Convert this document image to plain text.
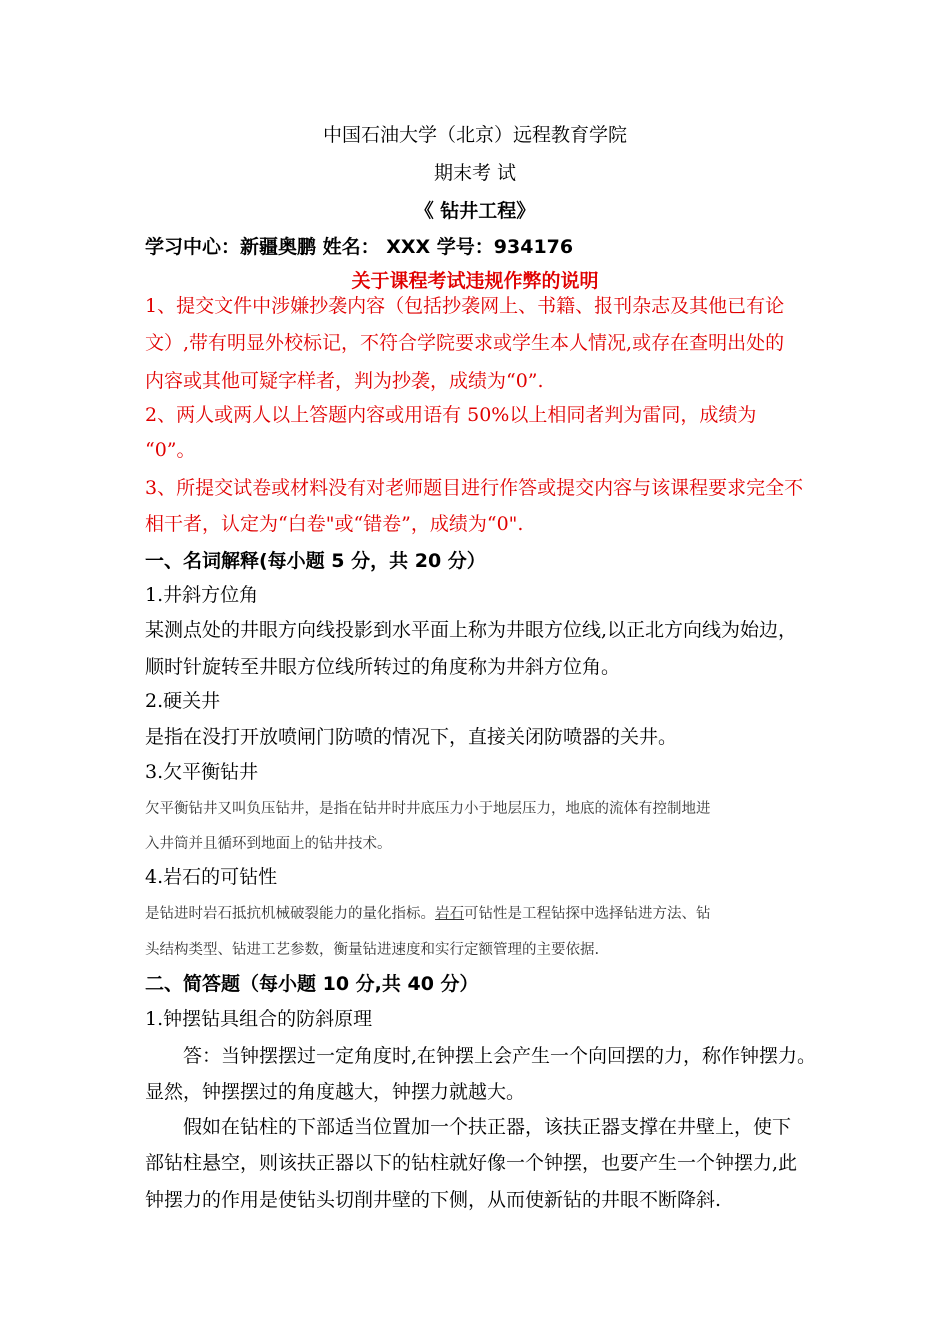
中国石油大学（北京）远程教育学院
期末考 试
《 钻井工程》
学习中心：新疆奥鹏 姓名： XXX 学号：934176
关于课程考试违规作弊的说明
1、提交文件中涉嫌抄袭内容（包括抄袭网上、书籍、报刊杂志及其他已有论
文）,带有明显外校标记，不符合学院要求或学生本人情况,或存在查明出处的
内容或其他可疑字样者，判为抄袭，成绩为“0”.
2、两人或两人以上答题内容或用语有 50%以上相同者判为雷同，成绩为
“0”。
3、所提交试卷或材料没有对老师题目进行作答或提交内容与该课程要求完全不
相干者，认定为“白卷"或“错卷”，成绩为“0".
一、名词解释(每小题 5 分，共 20 分）
1.井斜方位角
某测点处的井眼方向线投影到水平面上称为井眼方位线,以正北方向线为始边，
顺时针旋转至井眼方位线所转过的角度称为井斜方位角。
2.硬关井
是指在没打开放喷闸门防喷的情况下，直接关闭防喷器的关井。
3.欠平衡钻井
欠平衡钻井又叫负压钻井，是指在钻井时井底压力小于地层压力，地底的流体有控制地进
入井筒并且循环到地面上的钻井技术。
4.岩石的可钻性
是钻进时岩石抵抗机械破裂能力的量化指标。岩石可钻性是工程钻探中选择钻进方法、钻
头结构类型、钻进工艺参数，衡量钻进速度和实行定额管理的主要依据.
二、简答题（每小题 10 分,共 40 分）
1.钟摆钻具组合的防斜原理
答：当钟摆摆过一定角度时,在钟摆上会产生一个向回摆的力，称作钟摆力。
显然，钟摆摆过的角度越大，钟摆力就越大。
假如在钻柱的下部适当位置加一个扶正器，该扶正器支撑在井壁上，使下
部钻柱悬空，则该扶正器以下的钻柱就好像一个钟摆，也要产生一个钟摆力,此
钟摆力的作用是使钻头切削井壁的下侧，从而使新钻的井眼不断降斜.
